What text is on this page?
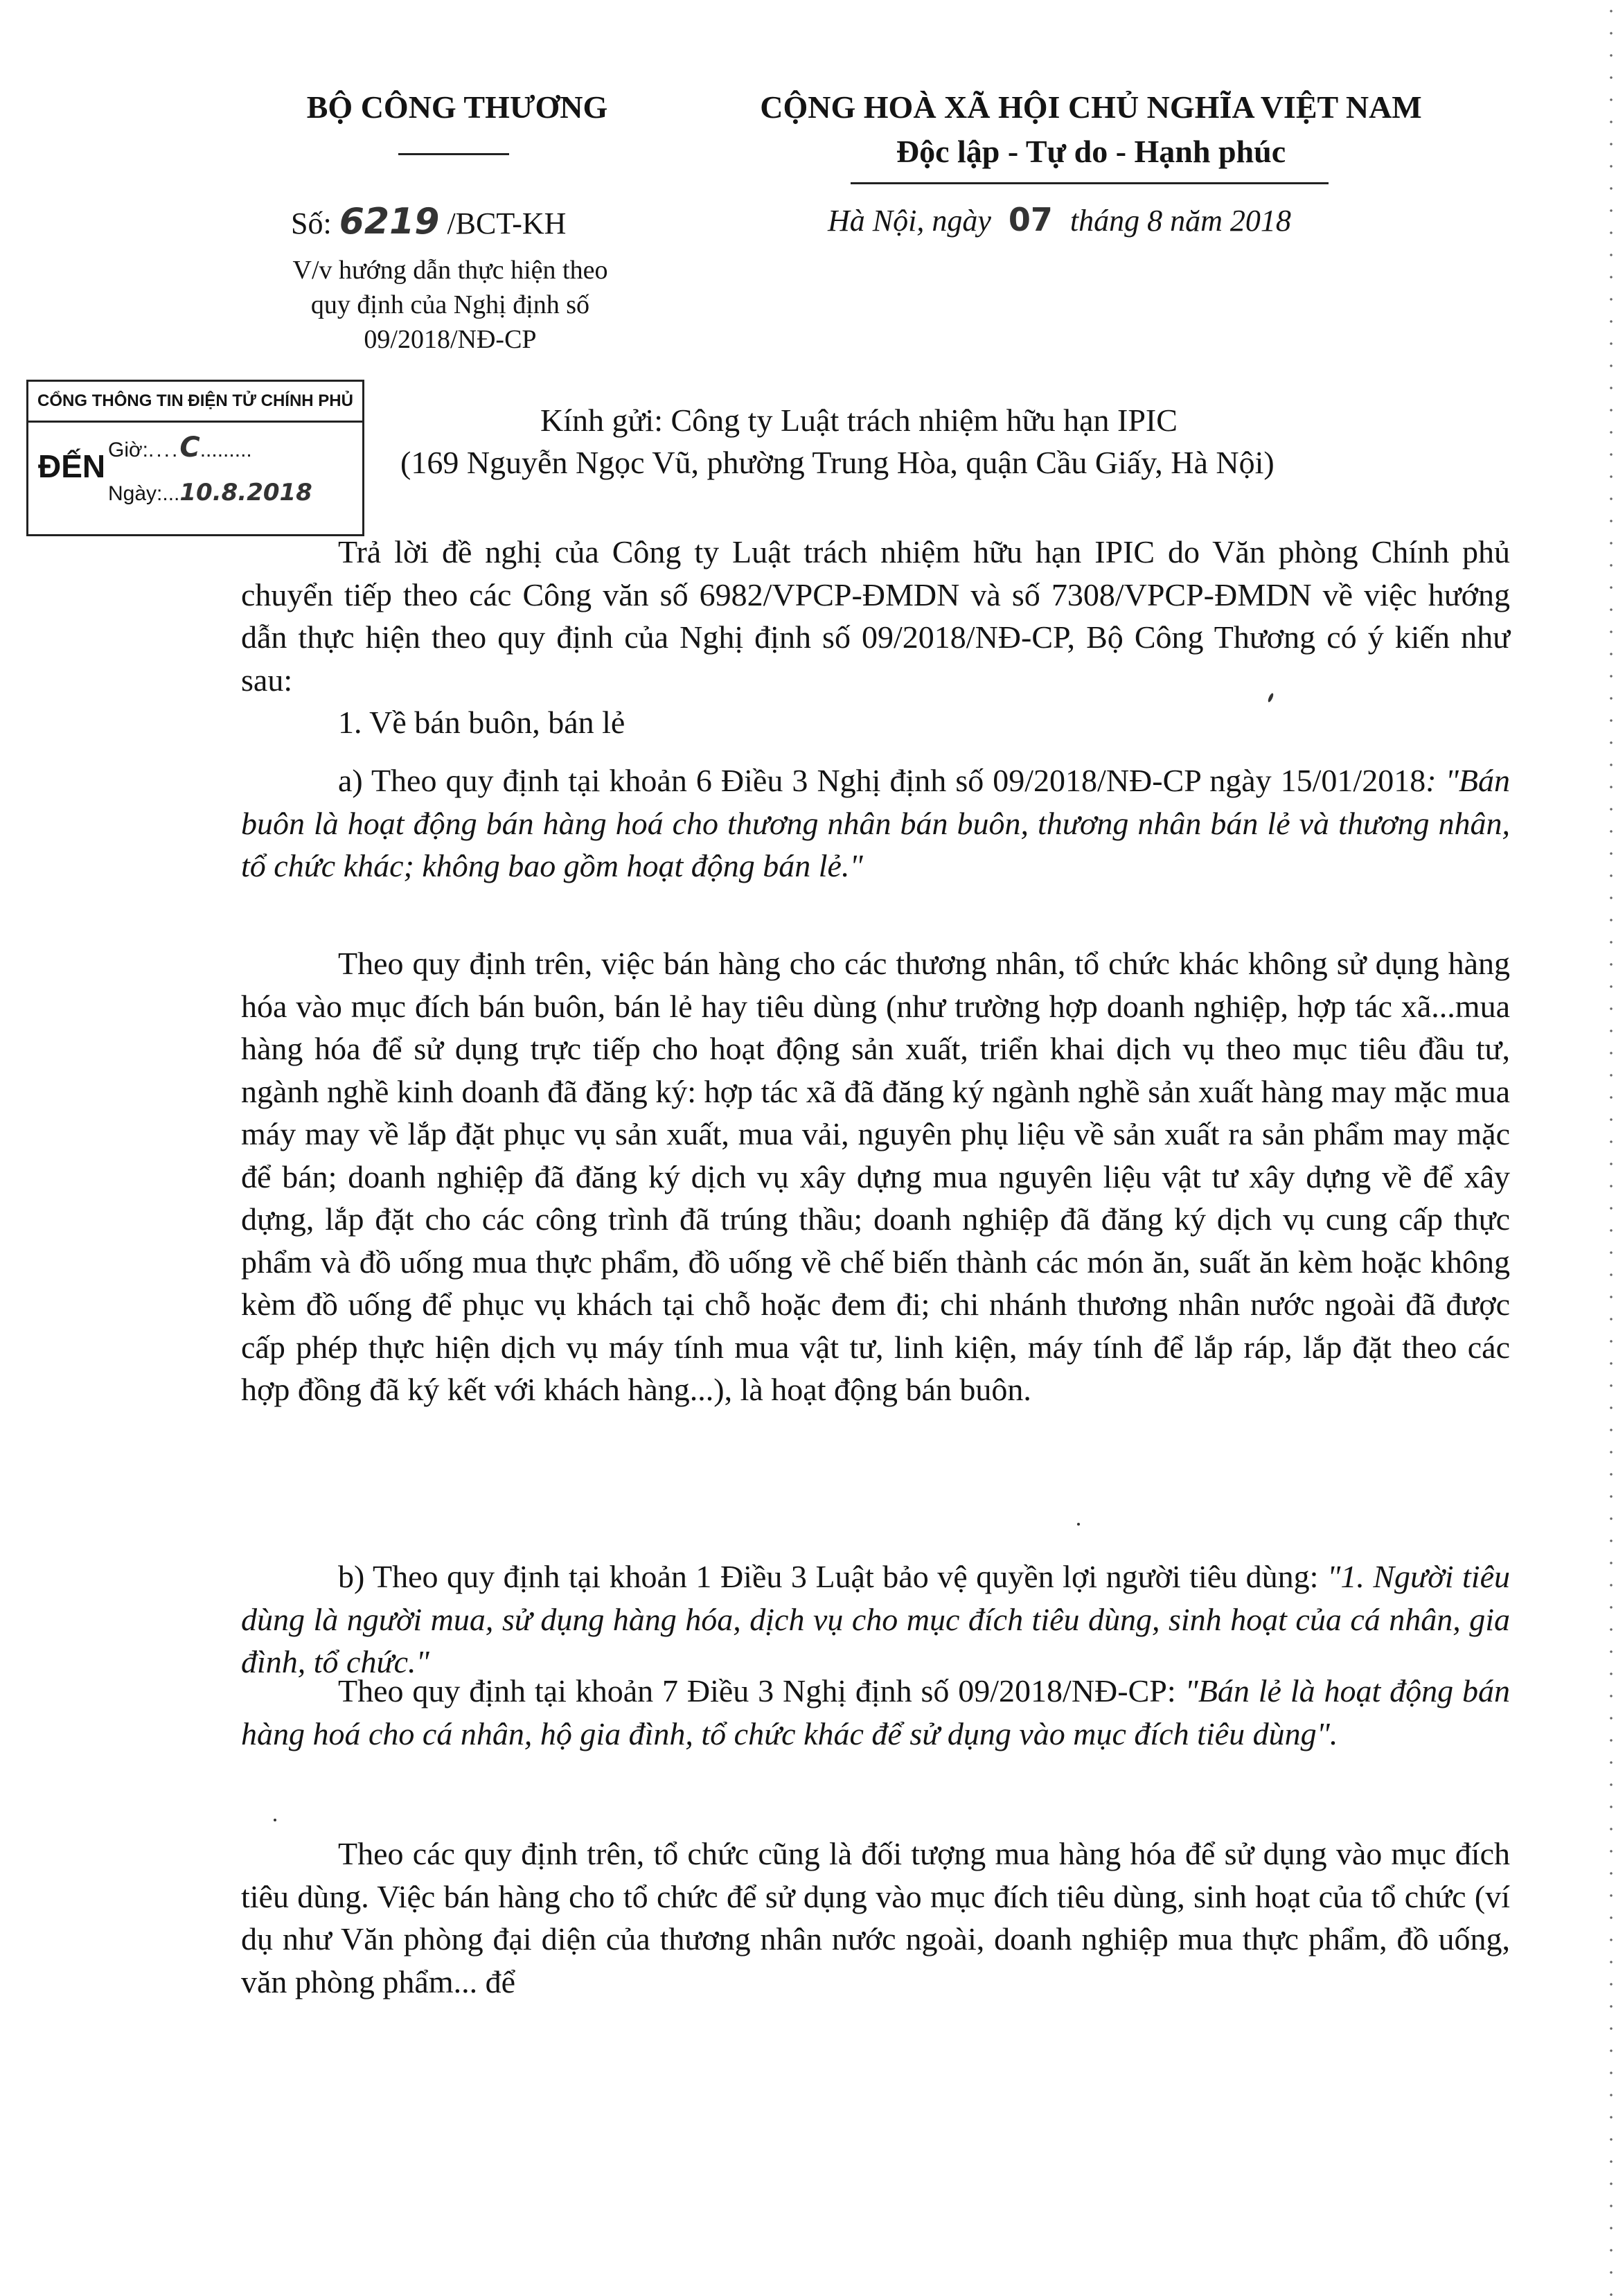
BỘ CÔNG THƯƠNG	CỘNG HOÀ XÃ HỘI CHỦ NGHĨA VIỆT NAM
Độc lập - Tự do - Hạnh phúc
Số: 6219 /BCT-KH
V/v hướng dẫn thực hiện theo
quy định của Nghị định số
09/2018/NĐ-CP
Hà Nội, ngày 07 tháng 8 năm 2018
CỔNG THÔNG TIN ĐIỆN TỬ CHÍNH PHỦ
ĐẾN Giờ:....C.........
Ngày:...10.8.2018
Kính gửi: Công ty Luật trách nhiệm hữu hạn IPIC
(169 Nguyễn Ngọc Vũ, phường Trung Hòa, quận Cầu Giấy, Hà Nội)

Trả lời đề nghị của Công ty Luật trách nhiệm hữu hạn IPIC do Văn phòng Chính phủ chuyển tiếp theo các Công văn số 6982/VPCP-ĐMDN và số 7308/VPCP-ĐMDN về việc hướng dẫn thực hiện theo quy định của Nghị định số 09/2018/NĐ-CP, Bộ Công Thương có ý kiến như sau:

1. Về bán buôn, bán lẻ

a) Theo quy định tại khoản 6 Điều 3 Nghị định số 09/2018/NĐ-CP ngày 15/01/2018: "Bán buôn là hoạt động bán hàng hoá cho thương nhân bán buôn, thương nhân bán lẻ và thương nhân, tổ chức khác; không bao gồm hoạt động bán lẻ."

Theo quy định trên, việc bán hàng cho các thương nhân, tổ chức khác không sử dụng hàng hóa vào mục đích bán buôn, bán lẻ hay tiêu dùng (như trường hợp doanh nghiệp, hợp tác xã...mua hàng hóa để sử dụng trực tiếp cho hoạt động sản xuất, triển khai dịch vụ theo mục tiêu đầu tư, ngành nghề kinh doanh đã đăng ký: hợp tác xã đã đăng ký ngành nghề sản xuất hàng may mặc mua máy may về lắp đặt phục vụ sản xuất, mua vải, nguyên phụ liệu về sản xuất ra sản phẩm may mặc để bán; doanh nghiệp đã đăng ký dịch vụ xây dựng mua nguyên liệu vật tư xây dựng về để xây dựng, lắp đặt cho các công trình đã trúng thầu; doanh nghiệp đã đăng ký dịch vụ cung cấp thực phẩm và đồ uống mua thực phẩm, đồ uống về chế biến thành các món ăn, suất ăn kèm hoặc không kèm đồ uống để phục vụ khách tại chỗ hoặc đem đi; chi nhánh thương nhân nước ngoài đã được cấp phép thực hiện dịch vụ máy tính mua vật tư, linh kiện, máy tính để lắp ráp, lắp đặt theo các hợp đồng đã ký kết với khách hàng...), là hoạt động bán buôn.

b) Theo quy định tại khoản 1 Điều 3 Luật bảo vệ quyền lợi người tiêu dùng: "1. Người tiêu dùng là người mua, sử dụng hàng hóa, dịch vụ cho mục đích tiêu dùng, sinh hoạt của cá nhân, gia đình, tổ chức."

Theo quy định tại khoản 7 Điều 3 Nghị định số 09/2018/NĐ-CP: "Bán lẻ là hoạt động bán hàng hoá cho cá nhân, hộ gia đình, tổ chức khác để sử dụng vào mục đích tiêu dùng".

Theo các quy định trên, tổ chức cũng là đối tượng mua hàng hóa để sử dụng vào mục đích tiêu dùng. Việc bán hàng cho tổ chức để sử dụng vào mục đích tiêu dùng, sinh hoạt của tổ chức (ví dụ như Văn phòng đại diện của thương nhân nước ngoài, doanh nghiệp mua thực phẩm, đồ uống, văn phòng phẩm... để
